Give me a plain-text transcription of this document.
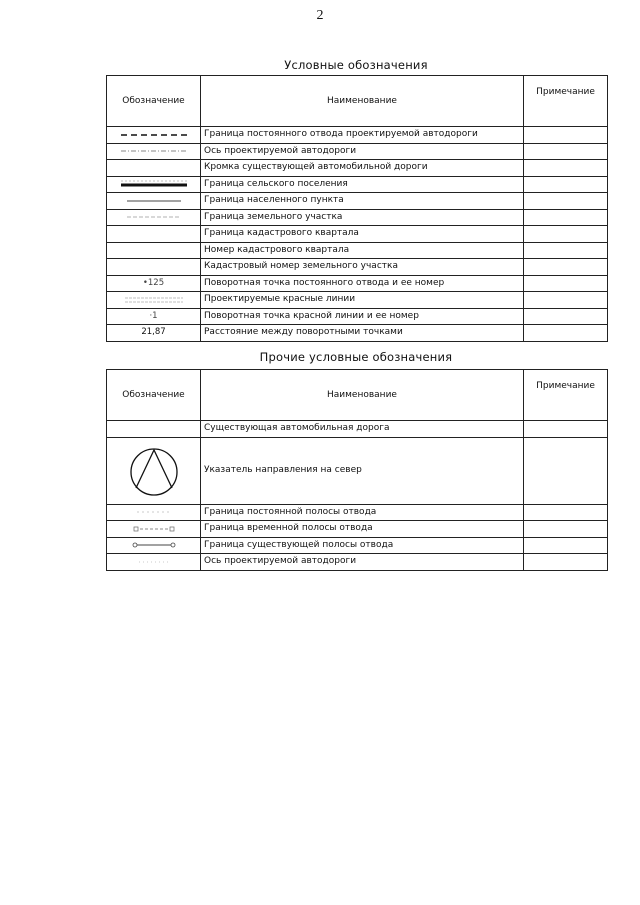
2
Условные обозначения
Обозначение	Наименование	Примечание

	Граница постоянного отвода проектируемой автодороги	

	Ось проектируемой автодороги	
	Кромка существующей автомобильной дороги	

	Граница сельского поселения	

	Граница населенного пункта	

	Граница земельного участка	
	Граница кадастрового квартала	
	Номер кадастрового квартала	
	Кадастровый номер земельного участка	
•125	Поворотная точка постоянного отвода и ее номер	

	Проектируемые красные линии	
·1	Поворотная точка красной линии и ее номер	
21,87	Расстояние между поворотными точками	
Прочие условные обозначения
Обозначение	Наименование	Примечание
	Существующая автомобильная дорога	

	Указатель направления на север	

	Граница постоянной полосы отвода	

	Граница временной полосы отвода	

	Граница существующей полосы отвода	

	Ось проектируемой автодороги	
